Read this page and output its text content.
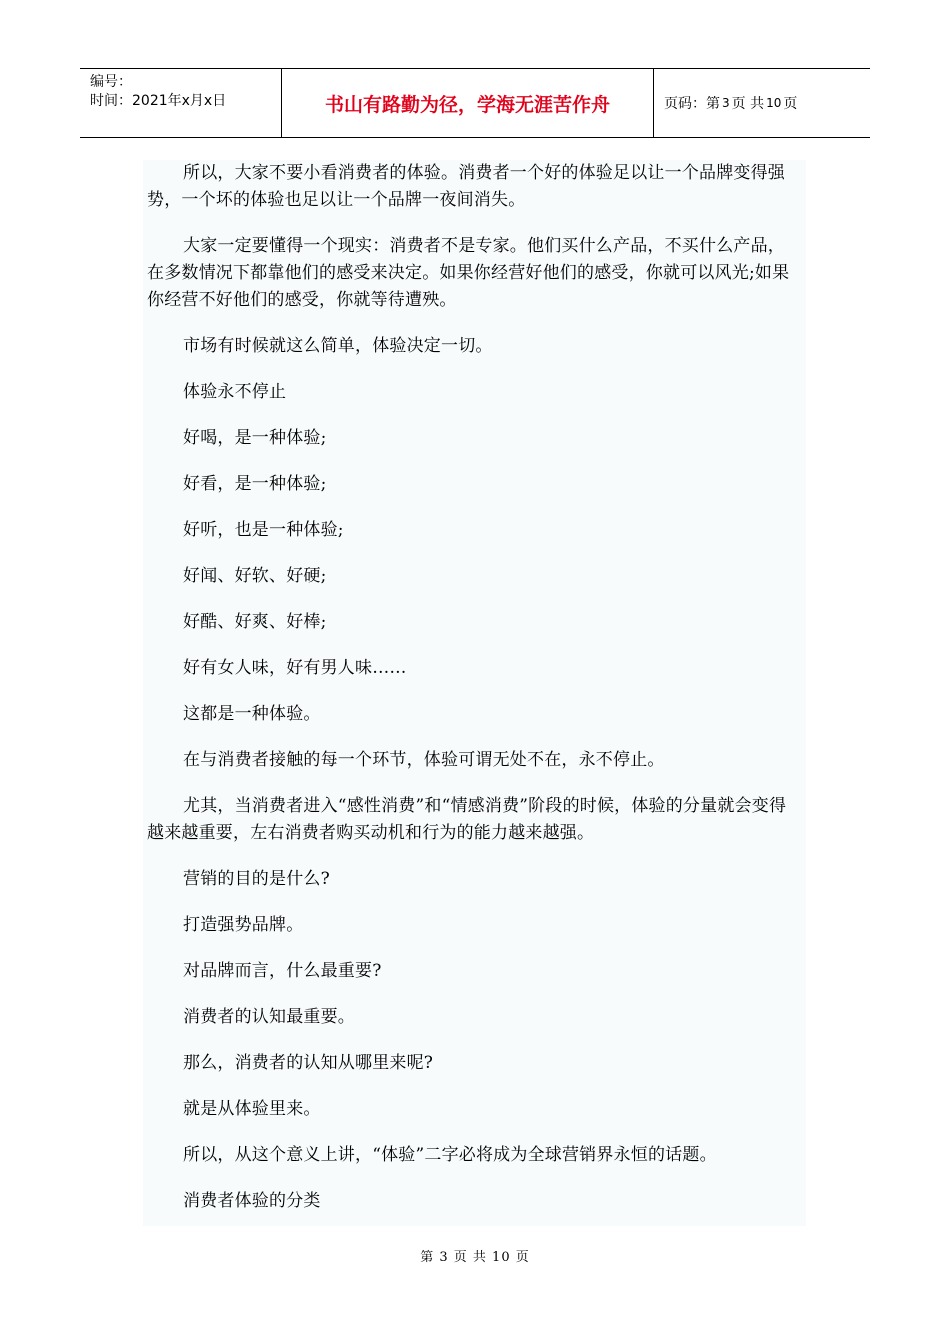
编号：
时间：2021年x月x日	书山有路勤为径，学海无涯苦作舟	页码：第 3 页 共 10 页

所以，大家不要小看消费者的体验。消费者一个好的体验足以让一个品牌变得强势，一个坏的体验也足以让一个品牌一夜间消失。

大家一定要懂得一个现实：消费者不是专家。他们买什么产品，不买什么产品，在多数情况下都靠他们的感受来决定。如果你经营好他们的感受，你就可以风光;如果你经营不好他们的感受，你就等待遭殃。

市场有时候就这么简单，体验决定一切。

体验永不停止

好喝，是一种体验;

好看，是一种体验;

好听，也是一种体验;

好闻、好软、好硬;

好酷、好爽、好棒;

好有女人味，好有男人味……

这都是一种体验。

在与消费者接触的每一个环节，体验可谓无处不在，永不停止。

尤其，当消费者进入“感性消费”和“情感消费”阶段的时候，体验的分量就会变得越来越重要，左右消费者购买动机和行为的能力越来越强。

营销的目的是什么?

打造强势品牌。

对品牌而言，什么最重要?

消费者的认知最重要。

那么，消费者的认知从哪里来呢?

就是从体验里来。

所以，从这个意义上讲，“体验”二字必将成为全球营销界永恒的话题。

消费者体验的分类

第 3 页 共 10 页
